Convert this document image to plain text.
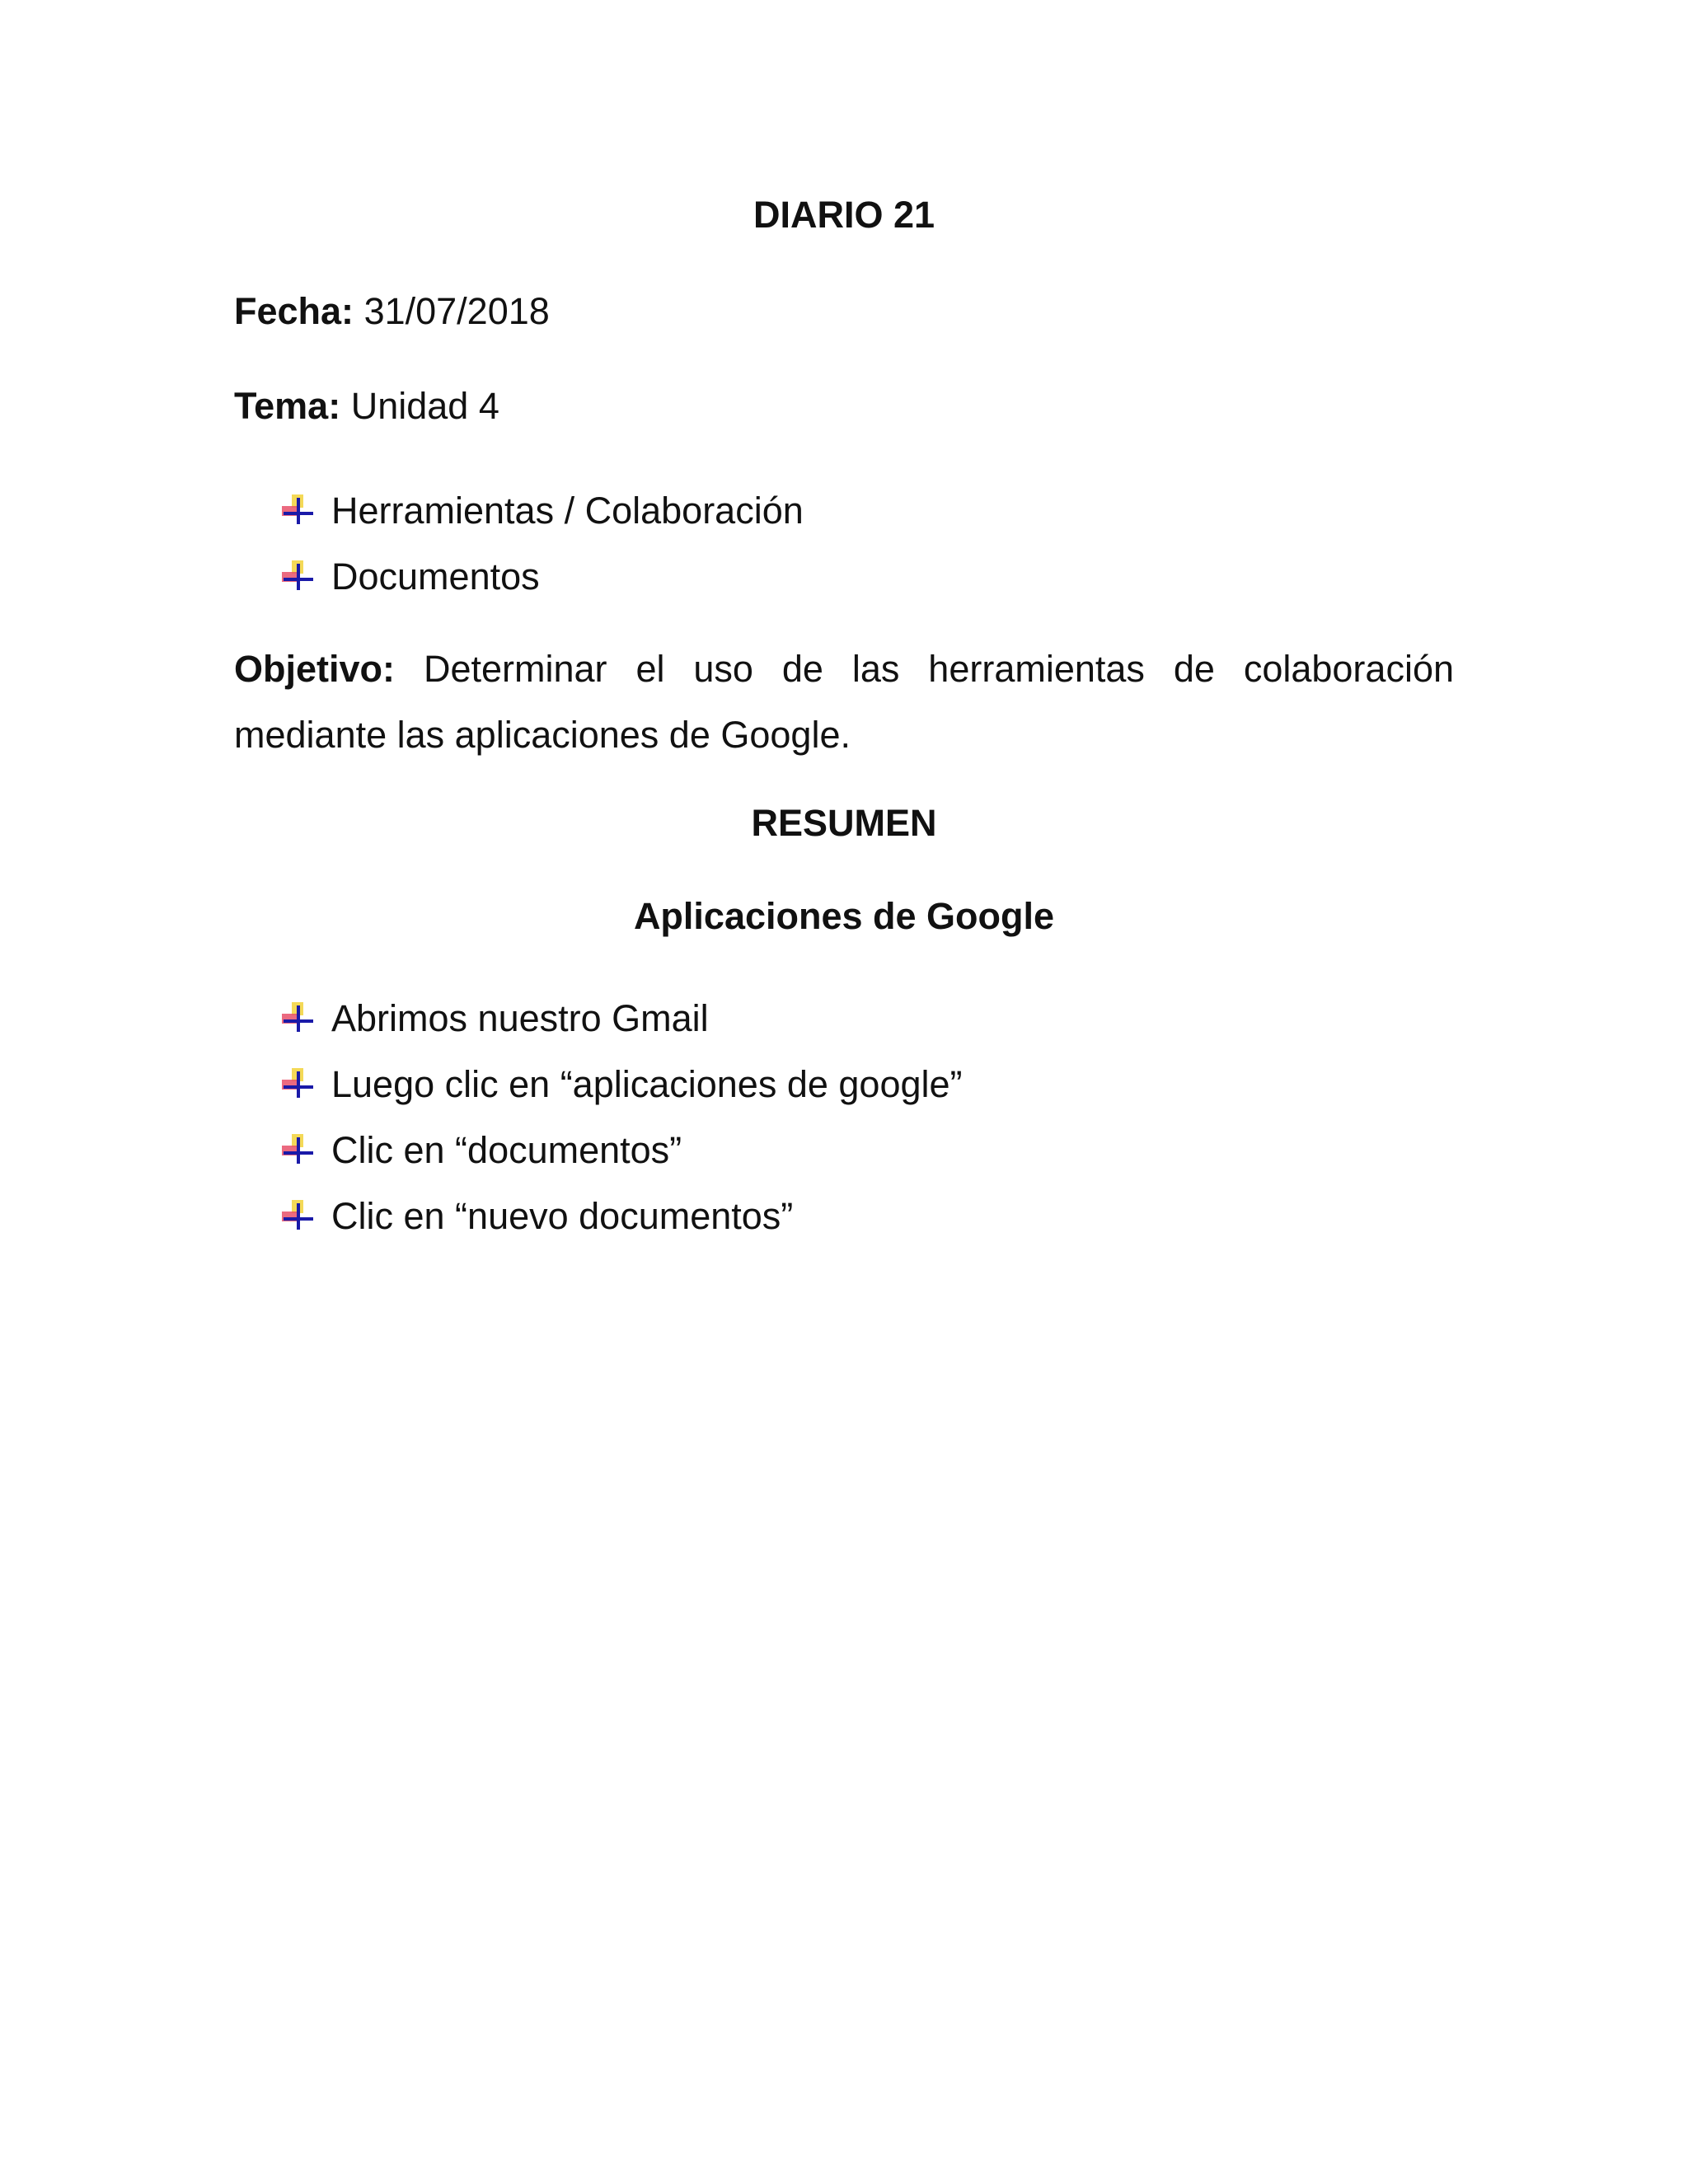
DIARIO 21

Fecha: 31/07/2018

Tema: Unidad 4

Herramientas / Colaboración
Documentos

Objetivo: Determinar el uso de las herramientas de colaboración mediante las aplicaciones de Google.

RESUMEN
Aplicaciones de Google
Abrimos nuestro Gmail
Luego clic en “aplicaciones de google”
Clic en “documentos”
Clic en “nuevo documentos”
